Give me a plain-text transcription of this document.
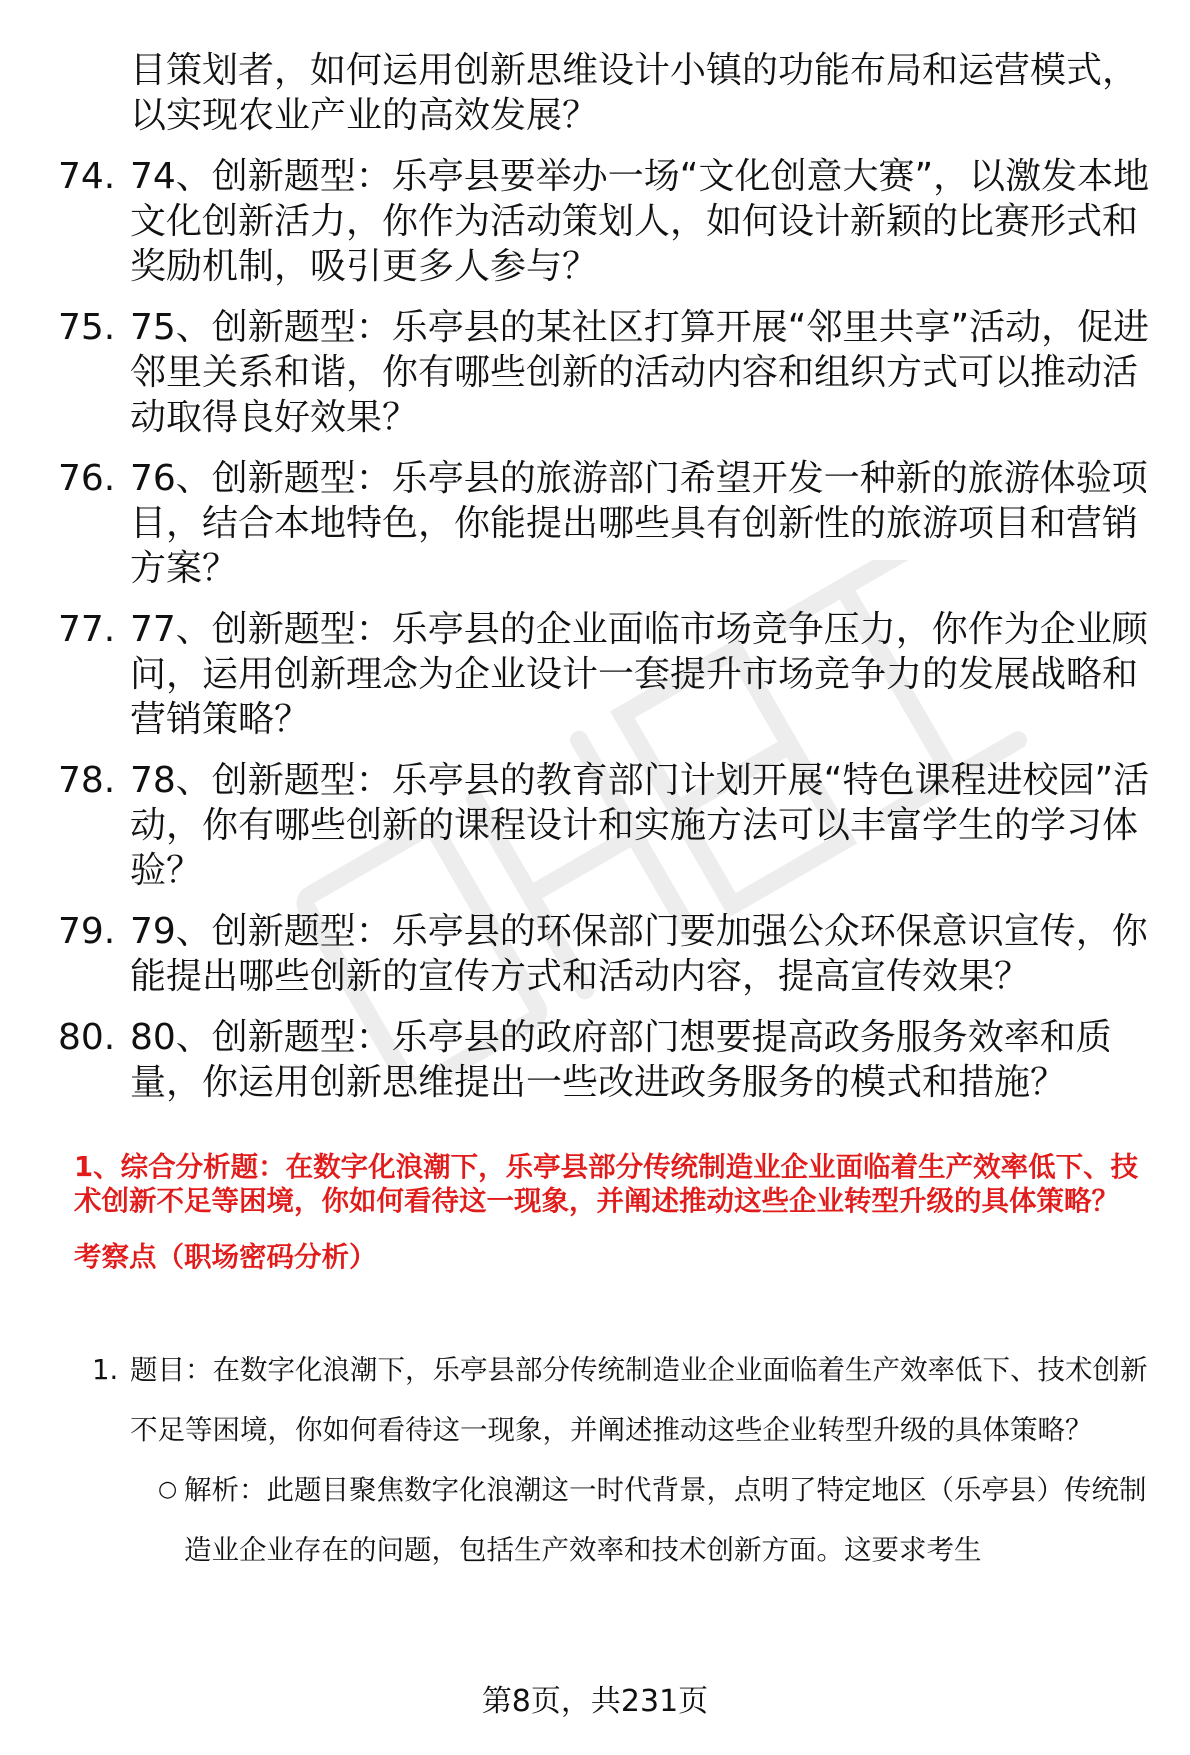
目策划者，如何运用创新思维设计小镇的功能布局和运营模式，以实现农业产业的高效发展？
74. 74、创新题型：乐亭县要举办一场“文化创意大赛”，以激发本地文化创新活力，你作为活动策划人，如何设计新颖的比赛形式和奖励机制，吸引更多人参与？
75. 75、创新题型：乐亭县的某社区打算开展“邻里共享”活动，促进邻里关系和谐，你有哪些创新的活动内容和组织方式可以推动活动取得良好效果？
76. 76、创新题型：乐亭县的旅游部门希望开发一种新的旅游体验项目，结合本地特色，你能提出哪些具有创新性的旅游项目和营销方案？
77. 77、创新题型：乐亭县的企业面临市场竞争压力，你作为企业顾问，运用创新理念为企业设计一套提升市场竞争力的发展战略和营销策略？
78. 78、创新题型：乐亭县的教育部门计划开展“特色课程进校园”活动，你有哪些创新的课程设计和实施方法可以丰富学生的学习体验？
79. 79、创新题型：乐亭县的环保部门要加强公众环保意识宣传，你能提出哪些创新的宣传方式和活动内容，提高宣传效果？
80. 80、创新题型：乐亭县的政府部门想要提高政务服务效率和质量，你运用创新思维提出一些改进政务服务的模式和措施？
1、综合分析题：在数字化浪潮下，乐亭县部分传统制造业企业面临着生产效率低下、技术创新不足等困境，你如何看待这一现象，并阐述推动这些企业转型升级的具体策略？
考察点（职场密码分析）
1. 题目：在数字化浪潮下，乐亭县部分传统制造业企业面临着生产效率低下、技术创新不足等困境，你如何看待这一现象，并阐述推动这些企业转型升级的具体策略？
○ 解析：此题目聚焦数字化浪潮这一时代背景，点明了特定地区（乐亭县）传统制造业企业存在的问题，包括生产效率和技术创新方面。这要求考生
第8页，共231页
